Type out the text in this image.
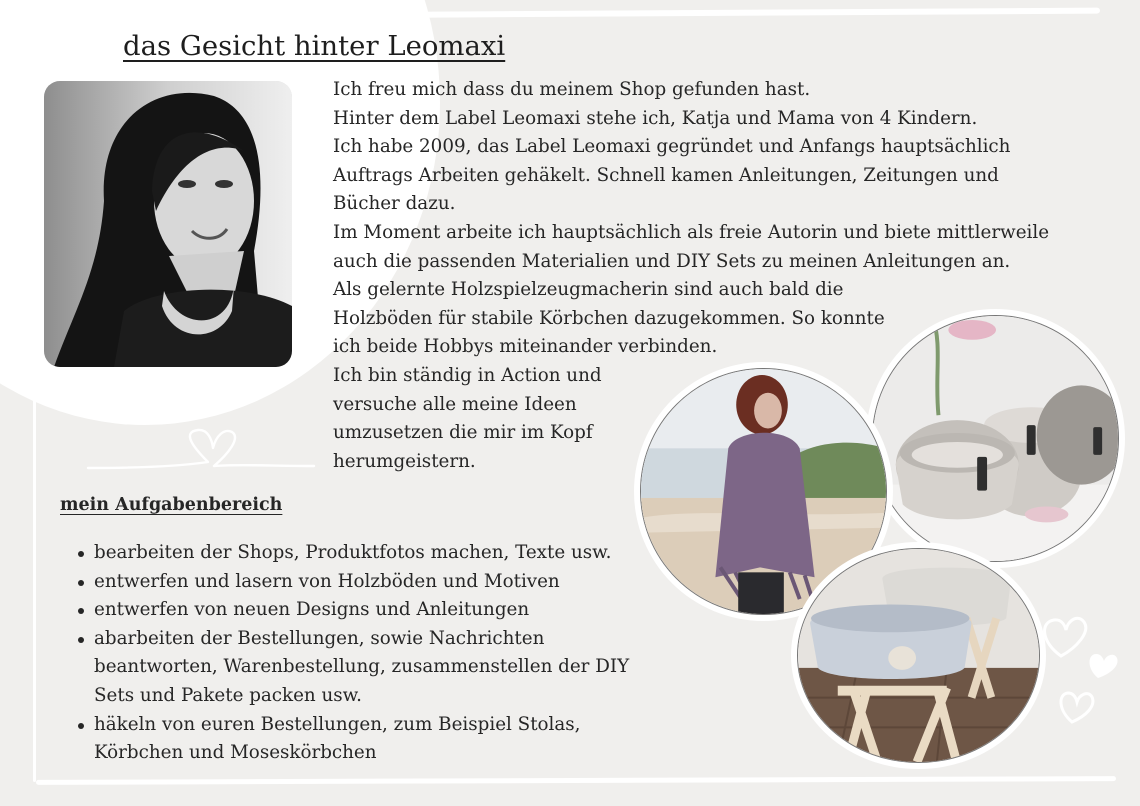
das Gesicht hinter Leomaxi
Ich freu mich dass du meinem Shop gefunden hast.
Hinter dem Label Leomaxi stehe ich, Katja und Mama von 4 Kindern.
Ich habe 2009, das Label Leomaxi gegründet und Anfangs hauptsächlich
Auftrags Arbeiten gehäkelt. Schnell kamen Anleitungen, Zeitungen und
Bücher dazu.
Im Moment arbeite ich hauptsächlich als freie Autorin und biete mittlerweile
auch die passenden Materialien und DIY Sets zu meinen Anleitungen an.
Als gelernte Holzspielzeugmacherin sind auch bald die
Holzböden für stabile Körbchen dazugekommen. So konnte
ich beide Hobbys miteinander verbinden.
Ich bin ständig in Action und
versuche alle meine Ideen
umzusetzen die mir im Kopf
herumgeistern.
mein Aufgabenbereich
bearbeiten der Shops, Produktfotos machen, Texte usw.
entwerfen und lasern von Holzböden und Motiven
entwerfen von neuen Designs und Anleitungen
abarbeiten der Bestellungen, sowie Nachrichten
beantworten, Warenbestellung, zusammenstellen der DIY
Sets und Pakete packen usw.
häkeln von euren Bestellungen, zum Beispiel Stolas,
Körbchen und Moseskörbchen
